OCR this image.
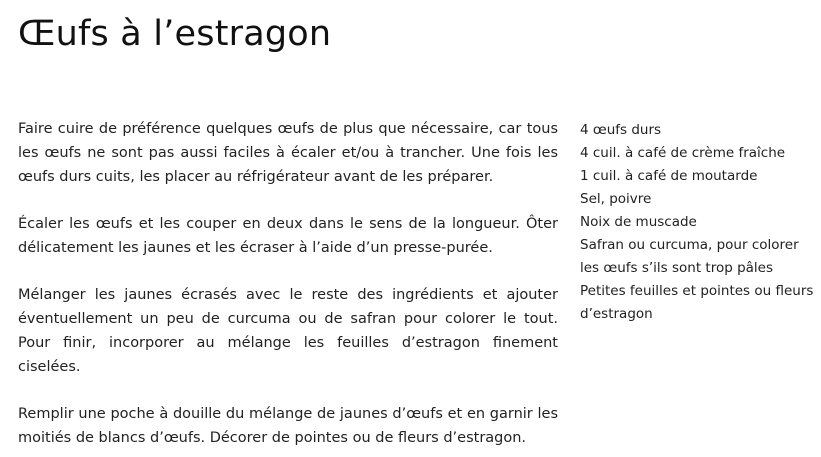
Œufs à l’estragon

Faire cuire de préférence quelques œufs de plus que nécessaire, car tous les œufs ne sont pas aussi faciles à écaler et/ou à trancher. Une fois les œufs durs cuits, les placer au réfrigérateur avant de les préparer.

Écaler les œufs et les couper en deux dans le sens de la longueur. Ôter délicatement les jaunes et les écraser à l’aide d’un presse-purée.

Mélanger les jaunes écrasés avec le reste des ingrédients et ajouter éventuellement un peu de curcuma ou de safran pour colorer le tout. Pour finir, incorporer au mélange les feuilles d’estragon finement ciselées.

Remplir une poche à douille du mélange de jaunes d’œufs et en garnir les moitiés de blancs d’œufs. Décorer de pointes ou de fleurs d’estragon.

4 œufs durs
4 cuil. à café de crème fraîche
1 cuil. à café de moutarde
Sel, poivre
Noix de muscade
Safran ou curcuma, pour colorer les œufs s’ils sont trop pâles
Petites feuilles et pointes ou fleurs d’estragon
